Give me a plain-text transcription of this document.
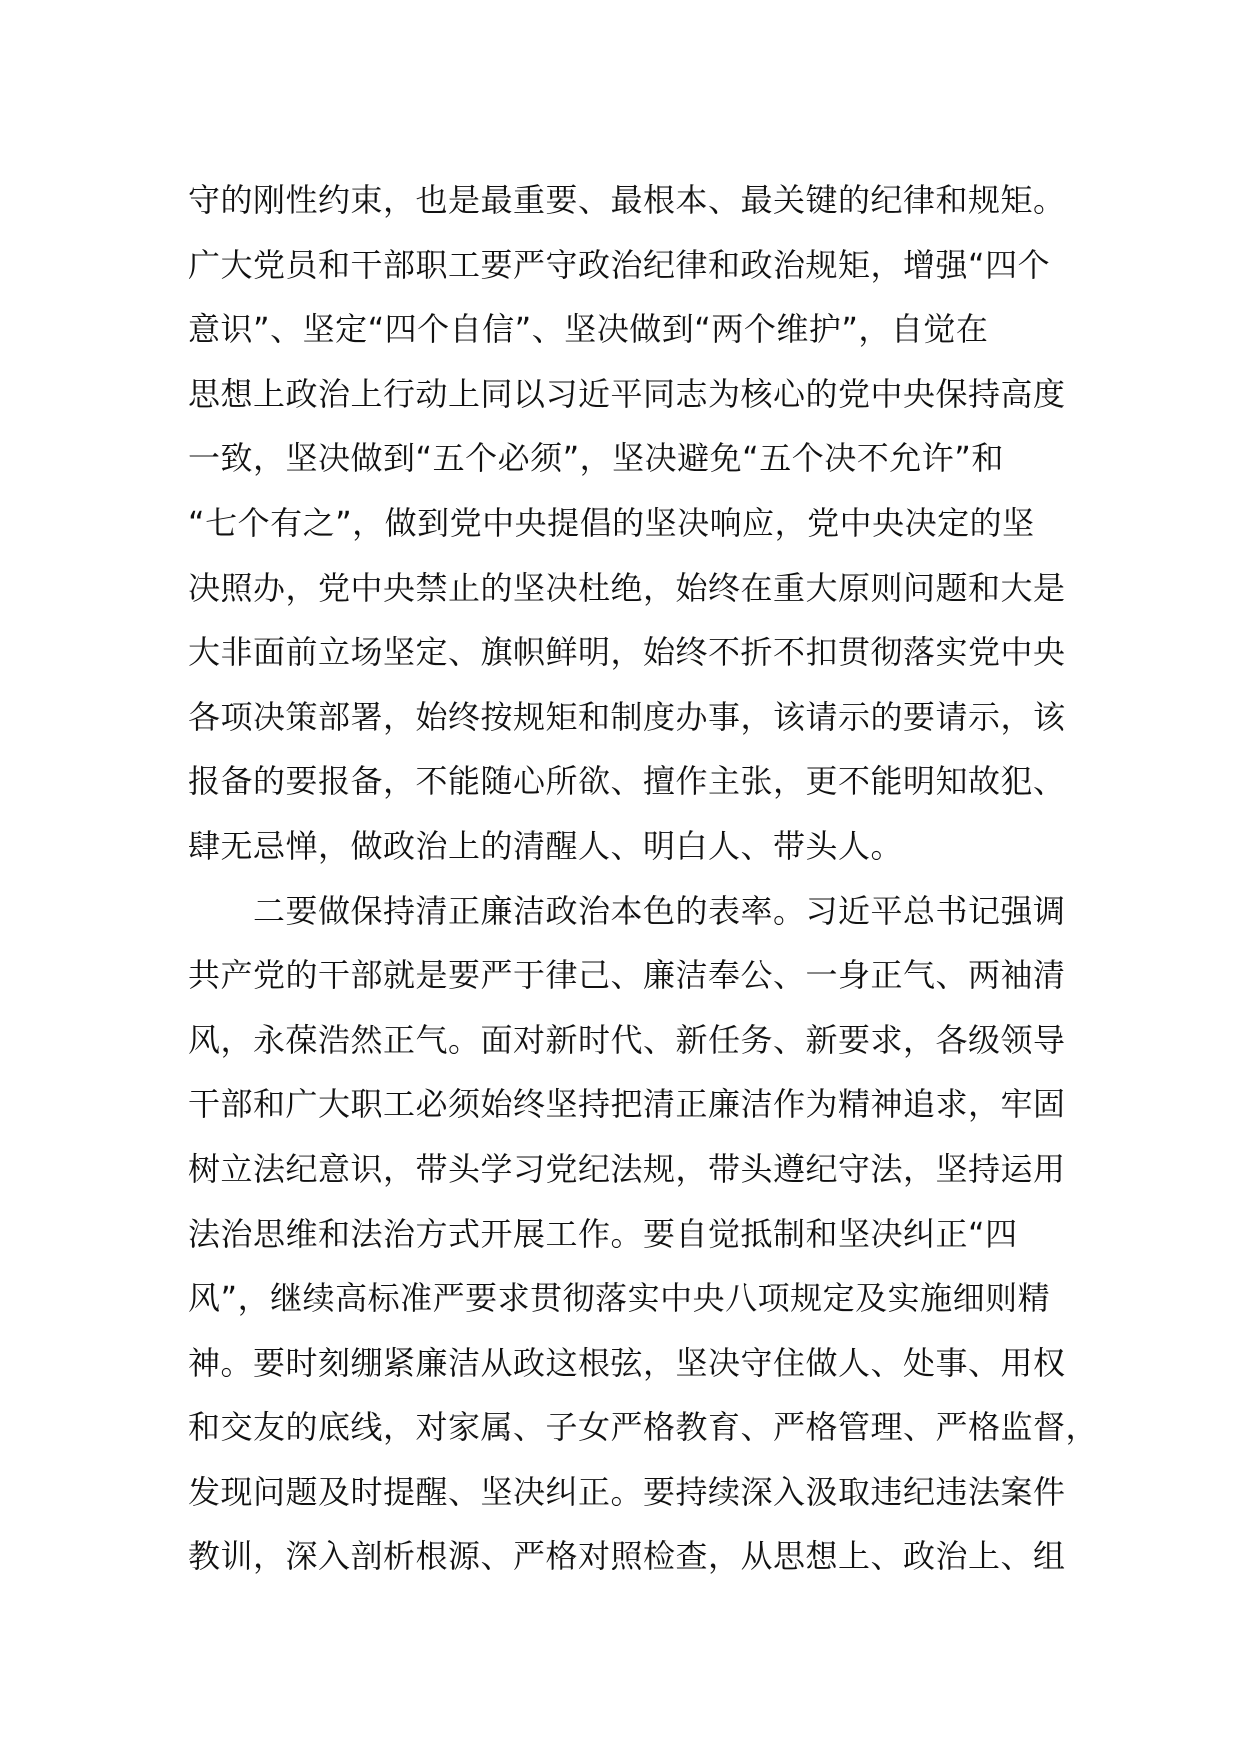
守的刚性约束，也是最重要、最根本、最关键的纪律和规矩。
广大党员和干部职工要严守政治纪律和政治规矩，增强“四个
意识”、坚定“四个自信”、坚决做到“两个维护”，自觉在
思想上政治上行动上同以习近平同志为核心的党中央保持高度
一致，坚决做到“五个必须”，坚决避免“五个决不允许”和
“七个有之”，做到党中央提倡的坚决响应，党中央决定的坚
决照办，党中央禁止的坚决杜绝，始终在重大原则问题和大是
大非面前立场坚定、旗帜鲜明，始终不折不扣贯彻落实党中央
各项决策部署，始终按规矩和制度办事，该请示的要请示，该
报备的要报备，不能随心所欲、擅作主张，更不能明知故犯、
肆无忌惮，做政治上的清醒人、明白人、带头人。
　　二要做保持清正廉洁政治本色的表率。习近平总书记强调
共产党的干部就是要严于律己、廉洁奉公、一身正气、两袖清
风，永葆浩然正气。面对新时代、新任务、新要求，各级领导
干部和广大职工必须始终坚持把清正廉洁作为精神追求，牢固
树立法纪意识，带头学习党纪法规，带头遵纪守法，坚持运用
法治思维和法治方式开展工作。要自觉抵制和坚决纠正“四
风”，继续高标准严要求贯彻落实中央八项规定及实施细则精
神。要时刻绷紧廉洁从政这根弦，坚决守住做人、处事、用权
和交友的底线，对家属、子女严格教育、严格管理、严格监督，
发现问题及时提醒、坚决纠正。要持续深入汲取违纪违法案件
教训，深入剖析根源、严格对照检查，从思想上、政治上、组
